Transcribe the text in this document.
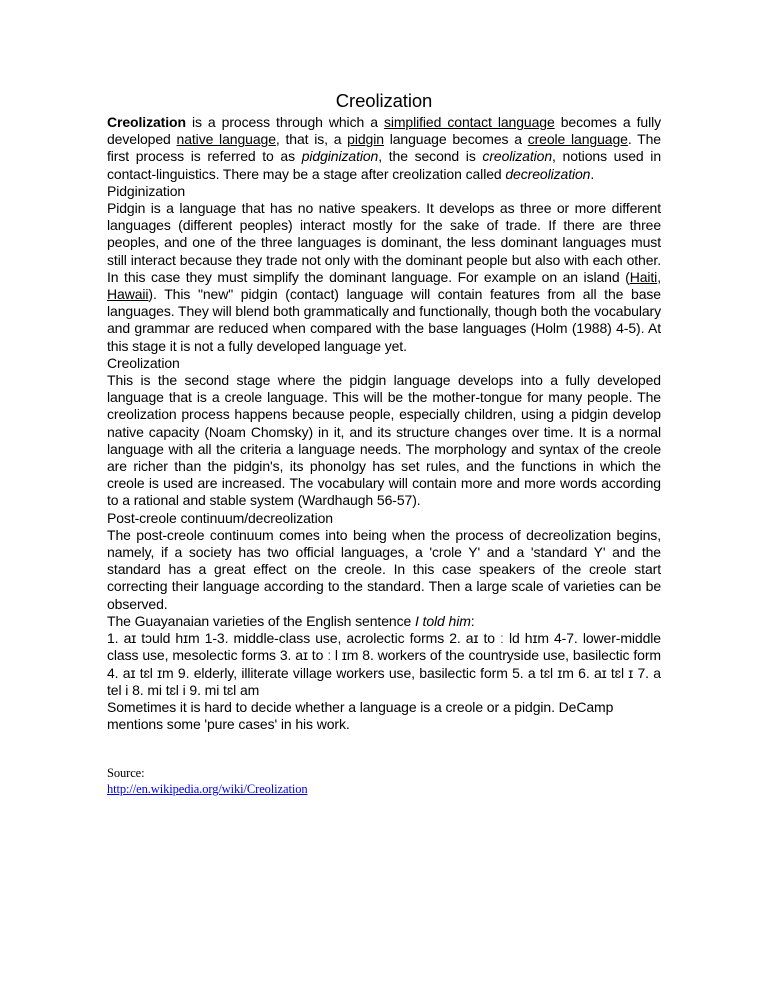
Creolization

Creolization is a process through which a simplified contact language becomes a fully developed native language, that is, a pidgin language becomes a creole language. The first process is referred to as pidginization, the second is creolization, notions used in contact-linguistics. There may be a stage after creolization called decreolization.

Pidginization

Pidgin is a language that has no native speakers. It develops as three or more different languages (different peoples) interact mostly for the sake of trade. If there are three peoples, and one of the three languages is dominant, the less dominant languages must still interact because they trade not only with the dominant people but also with each other. In this case they must simplify the dominant language. For example on an island (Haiti, Hawaii). This "new" pidgin (contact) language will contain features from all the base languages. They will blend both grammatically and functionally, though both the vocabulary and grammar are reduced when compared with the base languages (Holm (1988) 4-5). At this stage it is not a fully developed language yet.

Creolization

This is the second stage where the pidgin language develops into a fully developed language that is a creole language. This will be the mother-tongue for many people. The creolization process happens because people, especially children, using a pidgin develop native capacity (Noam Chomsky) in it, and its structure changes over time. It is a normal language with all the criteria a language needs. The morphology and syntax of the creole are richer than the pidgin's, its phonolgy has set rules, and the functions in which the creole is used are increased. The vocabulary will contain more and more words according to a rational and stable system (Wardhaugh 56-57).

Post-creole continuum/decreolization

The post-creole continuum comes into being when the process of decreolization begins, namely, if a society has two official languages, a 'crole Y' and a 'standard Y' and the standard has a great effect on the creole. In this case speakers of the creole start correcting their language according to the standard. Then a large scale of varieties can be observed.

The Guayanaian varieties of the English sentence I told him:

1. aɪ tɔuld hɪm 1-3. middle-class use, acrolectic forms 2. aɪ to ː ld hɪm 4-7. lower-middle class use, mesolectic forms 3. aɪ to ː l ɪm 8. workers of the countryside use, basilectic form 4. aɪ tɛl ɪm 9. elderly, illiterate village workers use, basilectic form 5. a tɛl ɪm 6. aɪ tɛl ɪ 7. a tel i 8. mi tɛl i 9. mi tɛl am

Sometimes it is hard to decide whether a language is a creole or a pidgin. DeCamp mentions some 'pure cases' in his work.

Source:
http://en.wikipedia.org/wiki/Creolization
